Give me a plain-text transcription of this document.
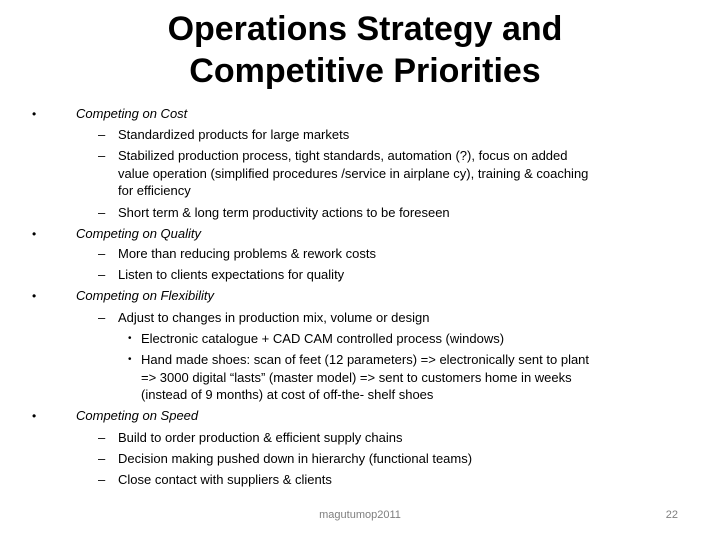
Operations Strategy and
Competitive Priorities
•	Competing on Cost
– Standardized products for large markets
– Stabilized production process, tight standards, automation (?), focus on added
value operation (simplified procedures /service in airplane cy), training & coaching
for efficiency
– Short term & long term productivity actions to be foreseen
•	Competing on Quality
– More than reducing problems & rework costs
– Listen to clients expectations for quality
•	Competing on Flexibility
– Adjust to changes in production mix, volume or design
• Electronic catalogue + CAD CAM controlled process (windows)
• Hand made shoes: scan of feet (12 parameters) => electronically sent to plant
=> 3000 digital “lasts” (master model) => sent to customers home in weeks
(instead of 9 months) at cost of off-the- shelf shoes
•	Competing on Speed
– Build to order production & efficient supply chains
– Decision making pushed down in hierarchy (functional teams)
– Close contact with suppliers & clients
magutumop2011	22
